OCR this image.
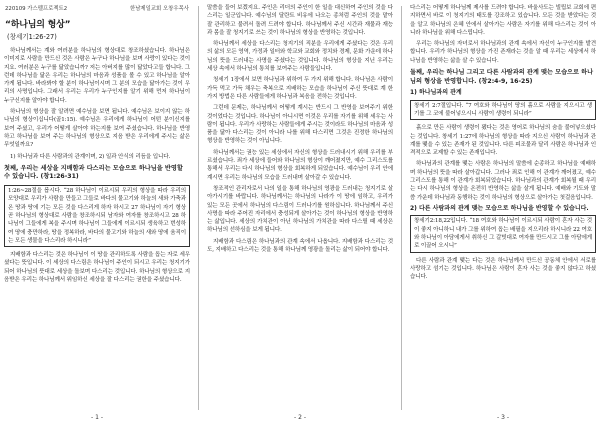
220109 가스펠프로젝트2	한남제일교회 오창우목사
“하나님의 형상”
(창세기1:26-27)

하나님께서는 계와 여러분을 하나님의 형상대로 창조하셨습니다. 하나님은 이미지로 사람을 만드신 것은 사람은 누구나 하나님을 보며 사랑이 있다는 것이지요. 여러분은 누구를 닮았습니까? 저는 아버지를 많이 닮았다고들 합니다. 그런데 하나님을 닮은 우리는 하나님의 마음과 성품을 볼 수 있고 하나님을 알아가게 됩니다. 바라봐야 할 분이 하나님이시며 그 분의 모습을 닮아가는 것이 우리의 사명입니다. 그래서 우리는 우리가 누구인지를 알기 위해 먼저 하나님이 누구신지를 알아야 합니다.

하나님의 형상을 잘 알려면 예수님을 보면 됩니다. 예수님은 보이지 않는 하나님의 형상이십니다(골1:15). 예수님은 우리에게 하나님이 어떤 분이신지를 보여 주셨고, 우리가 어떻게 살아야 하는지를 보여 주셨습니다. 하나님을 반영하고 하나님을 보여 주는 하나님의 형상으로 지음 받은 우리에게 주시는 삶은 무엇일까요?

1) 하나님과 다른 사람과의 관계이며, 2) 일과 안식의 리듬을 입니다.

첫째, 우리는 세상을 지배함과 다스리는 모습으로 하나님을 반영할 수 있습니다. (창1:26-31)
1:26~28절을 봅시다. “28 하나님이 이르시되 우리의 형상을 따라 우리의 모양대로 우리가 사람을 만들고 그들로 바다의 물고기와 하늘의 새와 가축과 온 땅과 땅에 기는 모든 것을 다스리게 하자 하시고 27 하나님이 자기 형상 곧 하나님의 형상대로 사람을 창조하시되 남자와 여자를 창조하시고 28 하나님이 그들에게 복을 주시며 하나님이 그들에게 이르시되 생육하고 번성하여 땅에 충만하라, 땅을 정복하라, 바다의 물고기와 하늘의 새와 땅에 움직이는 모든 생물을 다스리라 하시니라”

지배함과 다스리는 것은 하나님이 이 땅을 관리하도록 사람을 돕는 자로 세우셨다는 뜻입니다. 이 세상의 다스림은 하나님이 주인이 되시고 우리는 청지기가 되어 하나님의 뜻대로 세상을 돌보며 다스리는 것입니다. 하나님의 형상으로 지음받은 우리는 하나님께서 위임하신 세상을 잘 다스리는 권한을 주셨습니다.

말씀을 들어 보겠지요. 주인은 리더의 주인이 한 일을 대신하여 주인의 것을 다스리는 일군입니다. 예수님의 달란트 비유에 나오는 종처럼 주인의 것을 맡아 잘 관리하고 불려서 돌려 드려야 합니다. 하나님께서 주신 시간과 재물과 재능과 몸을 잘 청지기로 쓰는 것이 하나님의 형상을 반영하는 것입니다.

하나님께서 세상을 다스리는 청지기의 직분을 우리에게 주셨다는 것은 우리의 삶의 모든 영역, 가정과 일터와 학교와 교회와 정치와 경제, 문화 가운데 하나님의 뜻을 드러내는 사명을 주셨다는 것입니다. 하나님의 형상을 지닌 우리는 세상 속에서 하나님의 통치를 보여주는 사람들입니다.

청세기 1장에서 보면 하나님과 위하여 두 가지 위해 합니다. 하나님은 사람이 가득 먹고 가득 채우는 축복으로 지배하는 모습을 하나님이 주신 뜻대로 계 한 가지 방법은 다른 사람들에게 하나님과 복음을 전하는 것입니다.

그런데 문제는, 하나님께서 어떻게 계시는 반드시 그 반영을 보여주기 위한 것이었다는 것입니다. 하나님이 아니시면 이것은 우리를 자기를 위해 세우는 사람이 됩니다. 우리가 사랑하는 사람들에게 주시는 것이라도 하나님의 마음과 성품을 닮아 다스리는 것이 아니라 나를 위해 다스리면 그것은 진정한 하나님의 형상을 반영하는 것이 아닙니다.

하나님께서는 권능 있는 세상에서 자신의 형상을 드러내시기 위해 우리를 부르셨습니다. 죄가 세상에 들어와 하나님의 형상이 깨어졌지만, 예수 그리스도를 통해서 우리는 다시 하나님의 형상을 회복하게 되었습니다. 예수님이 우리 안에 계시면 우리는 하나님의 모습을 드러내며 살아갈 수 있습니다.

창조적인 관리자로서 나의 일을 통해 하나님의 영광을 드러내는 청지기로 살아가시기를 바랍니다. 하나님께서는 하나님의 나라가 이 땅에 임하고, 우리가 있는 모든 곳에서 하나님의 다스림이 드러나기를 원하십니다. 하나님께서 주신 사명을 따라 주어진 자리에서 충성되게 살아가는 것이 하나님의 형상을 반영하는 삶입니다. 세상의 가치관이 아닌 하나님의 가치관을 따라 다스릴 때 세상은 하나님의 선하심을 보게 됩니다.

지배함과 다스림은 하나님과의 관계 속에서 나옵니다. 지배함과 다스리는 것도, 지배하고 다스리는 것을 통해 하나님께 영광을 돌리는 삶이 되어야 합니다.

다스리는 어떻게 하나님께 제사를 드려야 합니다. 바울사도는 빌립보 교회에 편지하면서 바로 이 청지기의 태도를 강조하고 있습니다. 모든 것을 받았다는 것을 알고 하나님의 은혜 안에서 살아가는 사람은 자기를 위해 다스리는 것이 아니라 하나님을 위해 다스립니다.

우리는 하나님의 자녀로서 하나님과의 관계 속에서 자신이 누구인지를 발견합니다. 우리가 하나님의 형상을 가진 존재라는 것을 알 때 우리는 세상에서 하나님을 반영하는 삶을 살 수 있습니다.

둘째, 우리는 하나님 그리고 다른 사람과의 관계 맺는 모습으로 하나님의 형상을 반영합니다. (창2:4-9, 16-25)
1) 하나님과의 관계
창세기 2:7절입니다. “7 여호와 하나님이 땅의 흙으로 사람을 지으시고 생기를 그 코에 불어넣으시니 사람이 생령이 되니라”

흙으로 만든 사람이 생령이 됐다는 것은 영어로 하나님의 숨을 불어넣으셨다는 것입니다. 창세기 1:27에 하나님의 형상을 따라 지으신 사람이 하나님과 관계를 맺을 수 있는 존재가 된 것입니다. 다른 피조물과 달리 사람은 하나님과 인격적으로 교제할 수 있는 존재입니다.

하나님과의 관계를 맺는 사람은 하나님의 말씀에 순종하고 하나님을 예배하며 하나님의 뜻을 따라 살아갑니다. 그러나 죄로 인해 이 관계가 깨어졌고, 예수 그리스도를 통해 이 관계가 회복되었습니다. 하나님과의 관계가 회복될 때 우리는 다시 하나님의 형상을 온전히 반영하는 삶을 살게 됩니다. 예배와 기도와 말씀 가운데 하나님과 동행하는 것이 하나님의 형상으로 살아가는 첫걸음입니다.

2) 다른 사람과의 관계 맺는 모습으로 하나님을 반영할 수 있습니다.
창세기2:18,22입니다. “18 여호와 하나님이 이르시되 사람이 혼자 사는 것이 좋지 아니하니 내가 그를 위하여 돕는 배필을 지으리라 하시니라 22 여호와 하나님이 아담에게서 취하신 그 갈빗대로 여자를 만드시고 그를 아담에게로 이끌어 오시니”

다른 사람과 관계 맺는 다는 것은 하나님께서 만드신 공동체 안에서 서로를 사랑하고 섬기는 것입니다. 하나님은 사람이 혼자 사는 것을 좋지 않다고 하셨습니다.

- 1 -	- 2 -	- 3 -
